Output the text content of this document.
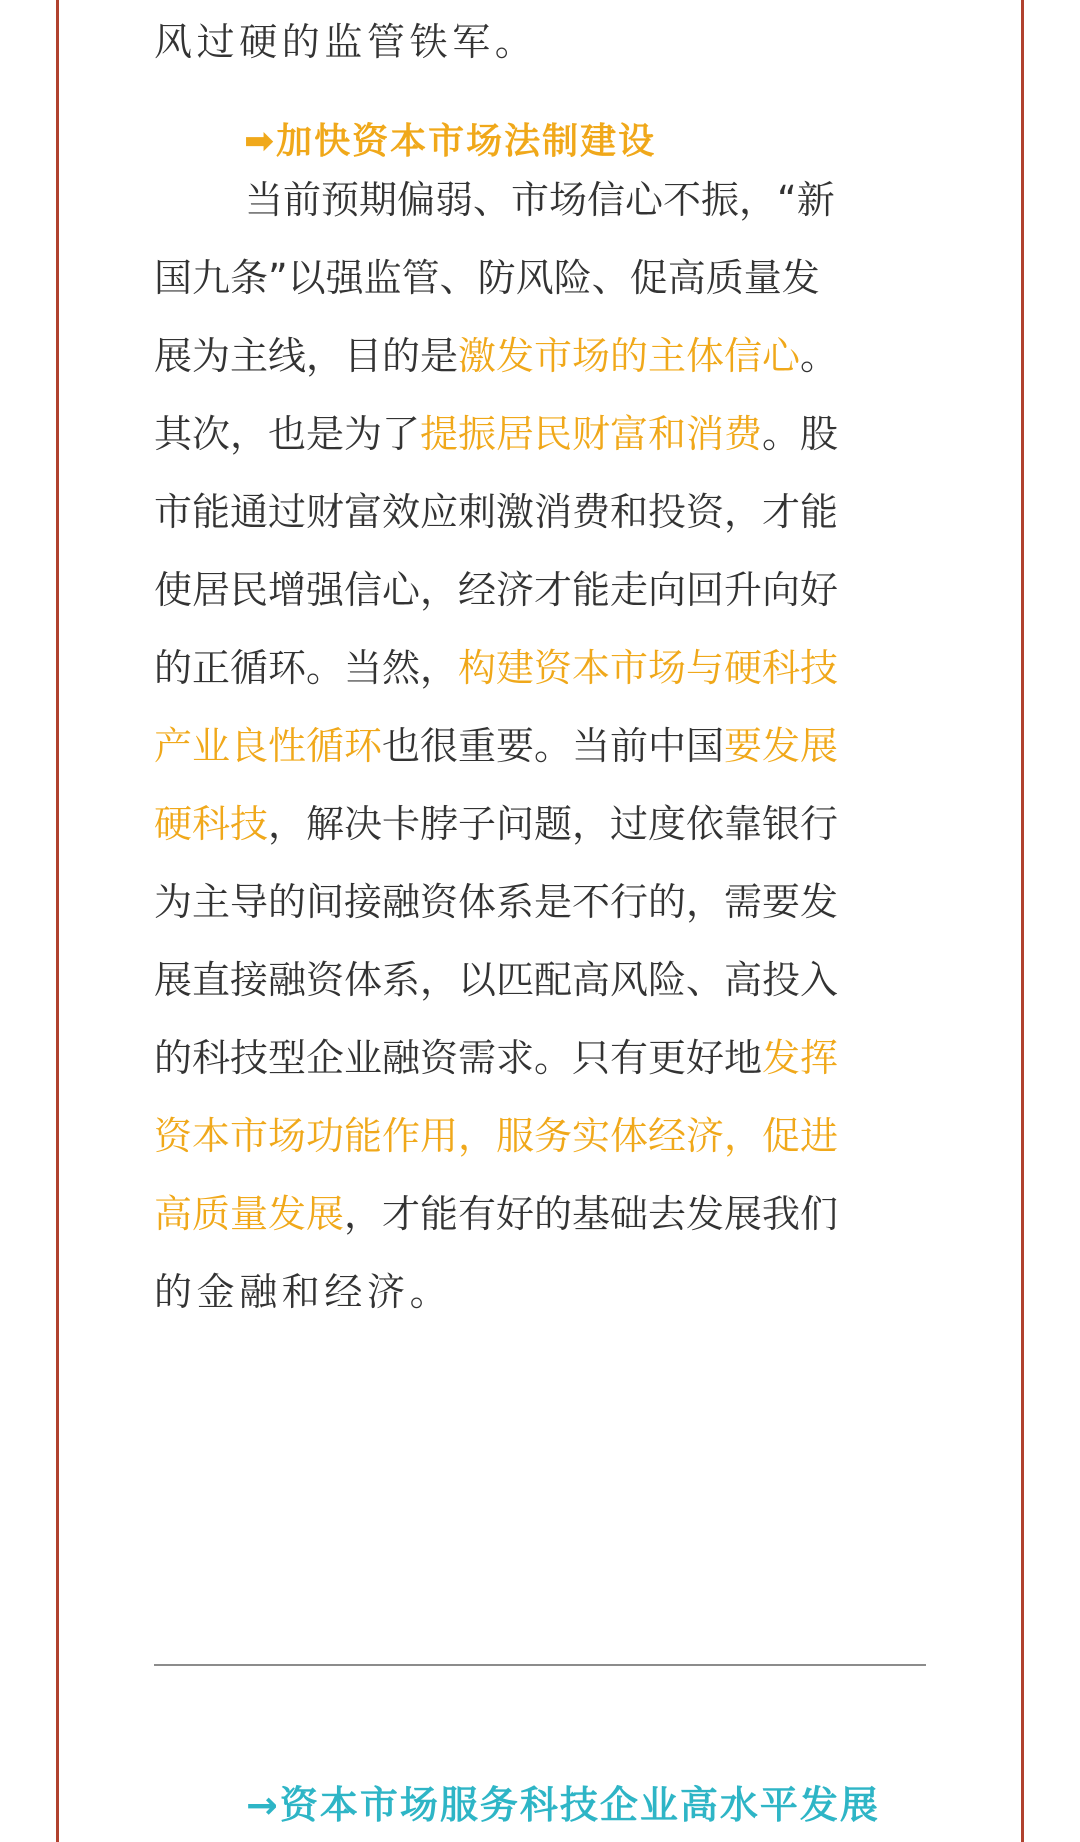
风过硬的监管铁军。
➡加快资本市场法制建设
当前预期偏弱、市场信心不振，“新
国九条”以强监管、防风险、促高质量发
展为主线，目的是激发市场的主体信心。
其次，也是为了提振居民财富和消费。股
市能通过财富效应刺激消费和投资，才能
使居民增强信心，经济才能走向回升向好
的正循环。当然，构建资本市场与硬科技
产业良性循环也很重要。当前中国要发展
硬科技，解决卡脖子问题，过度依靠银行
为主导的间接融资体系是不行的，需要发
展直接融资体系，以匹配高风险、高投入
的科技型企业融资需求。只有更好地发挥
资本市场功能作用，服务实体经济，促进
高质量发展，才能有好的基础去发展我们
的金融和经济。
→资本市场服务科技企业高水平发展
